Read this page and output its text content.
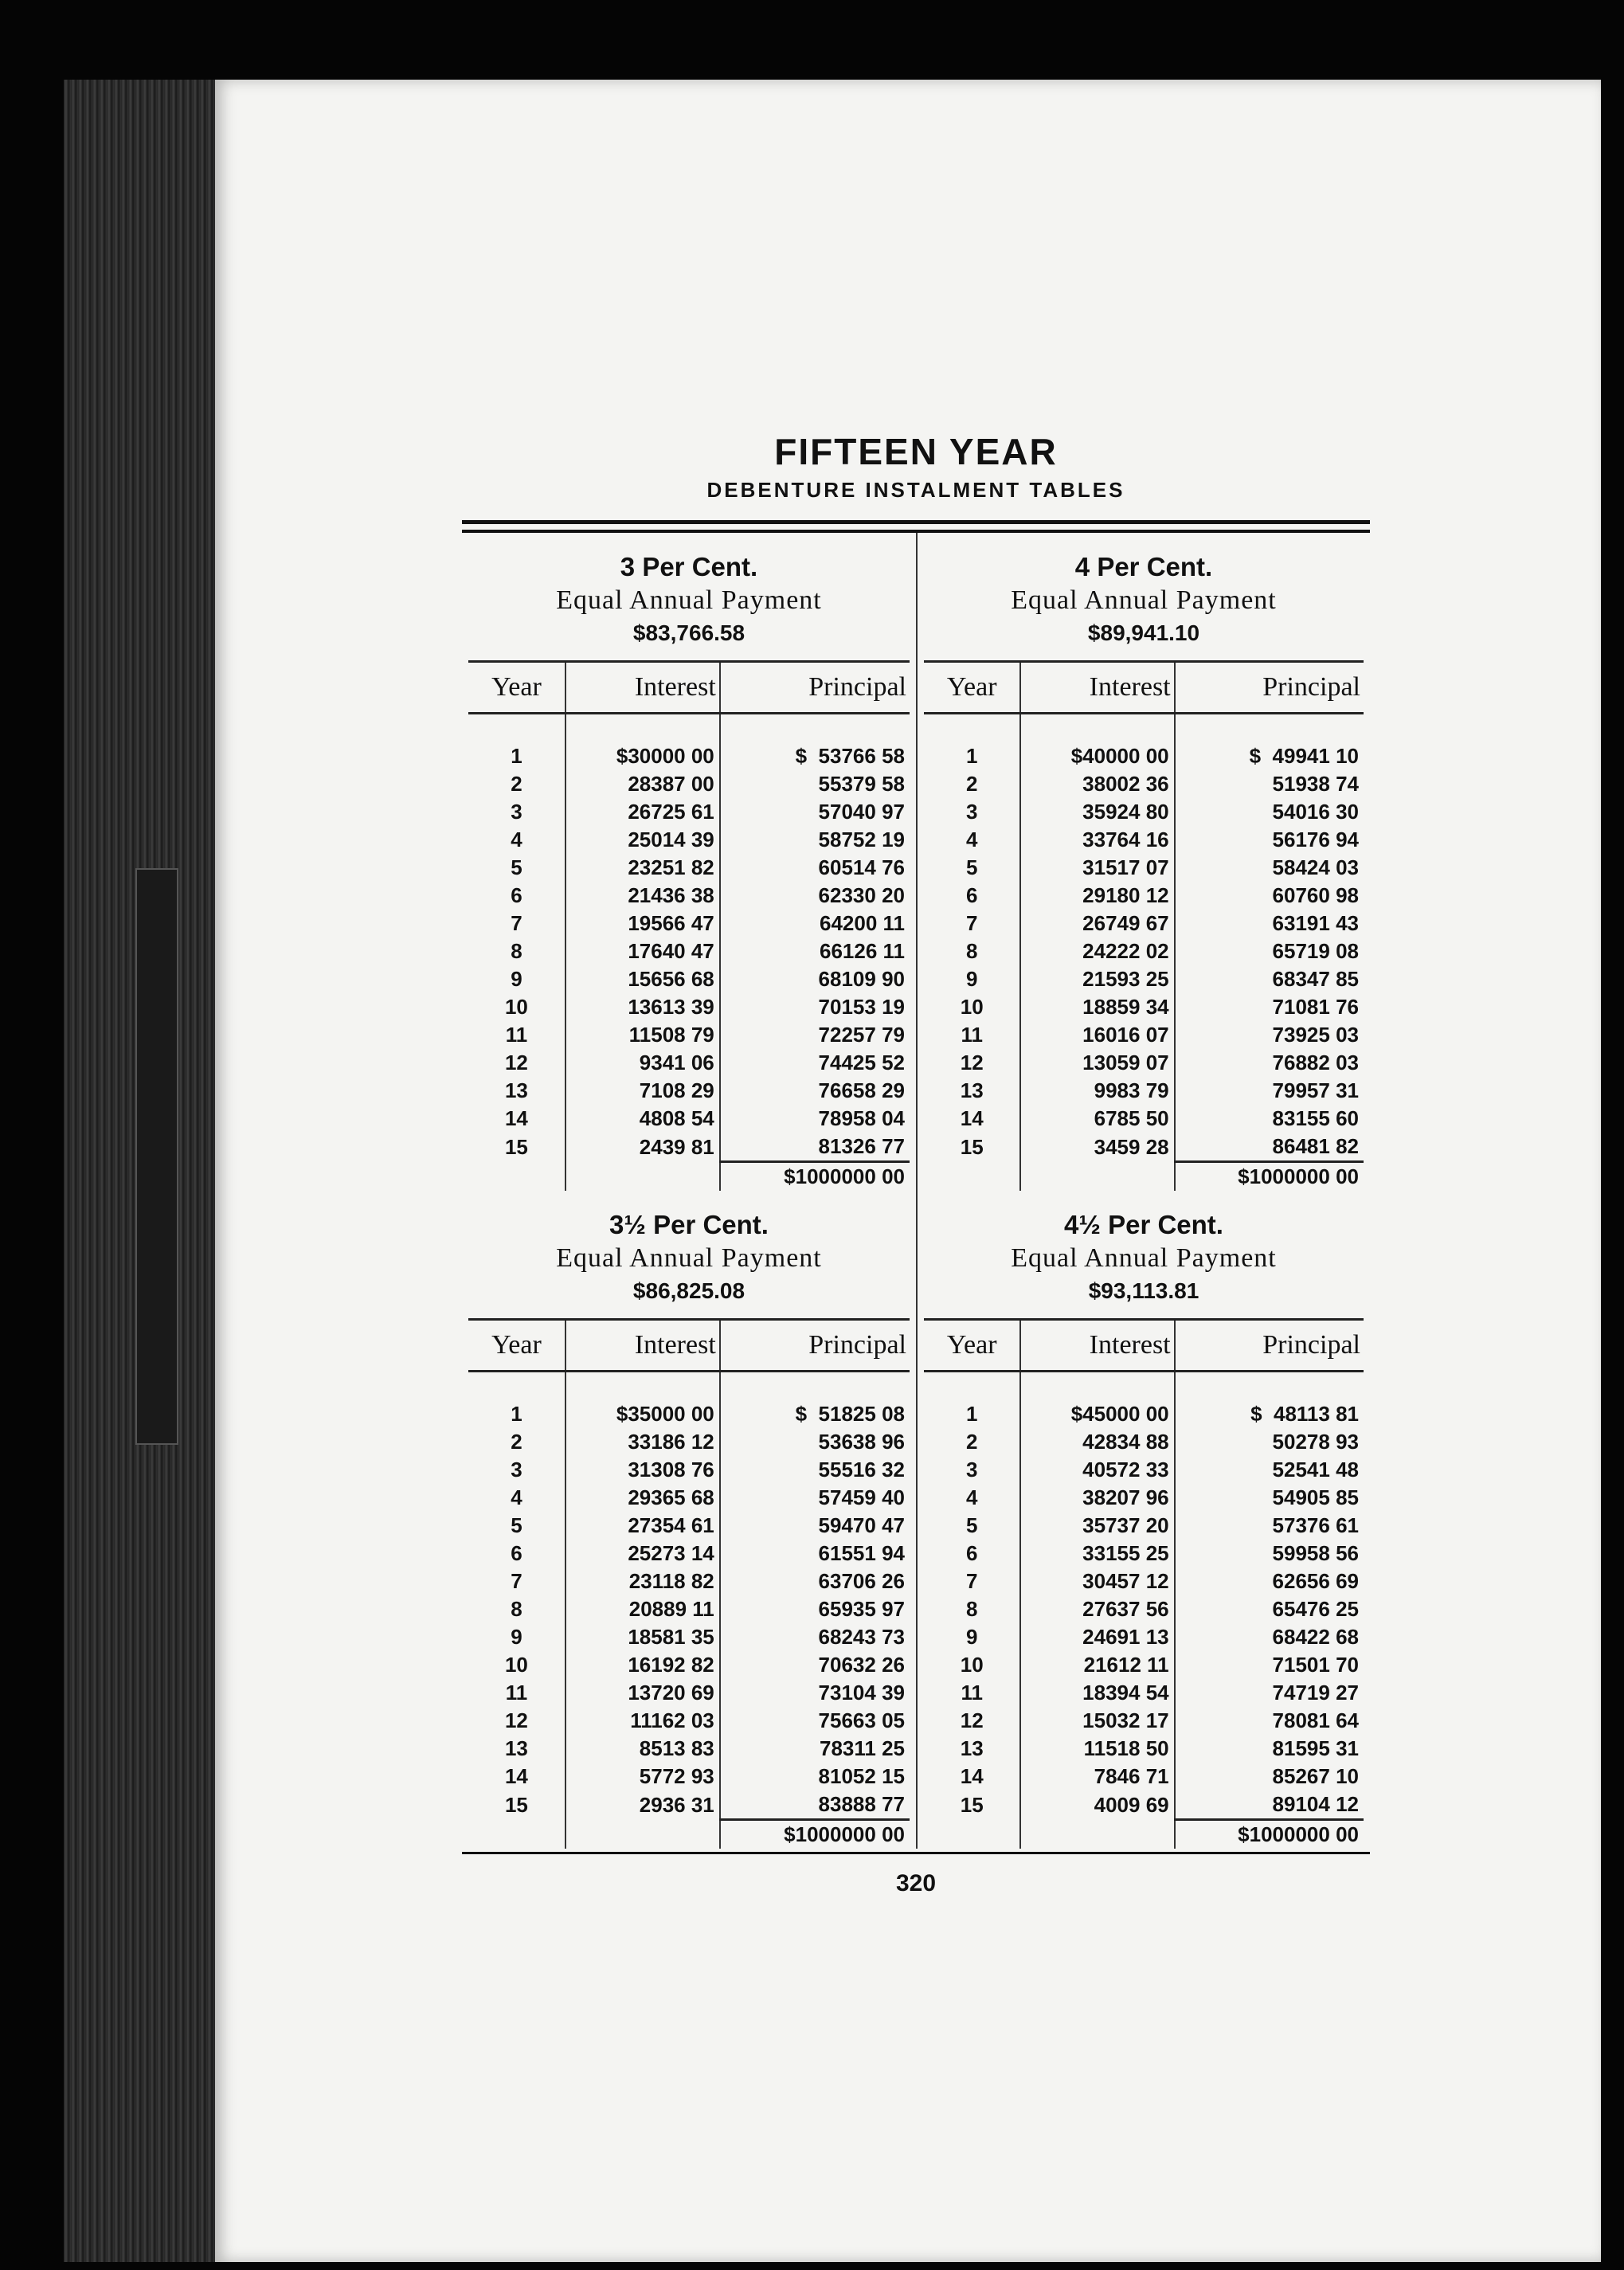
FIFTEEN YEAR
DEBENTURE INSTALMENT TABLES
3 Per Cent.
Equal Annual Payment
$83,766.58
Year	Interest	Principal

1	$30000 00	$  53766 58
2	28387 00	55379 58
3	26725 61	57040 97
4	25014 39	58752 19
5	23251 82	60514 76
6	21436 38	62330 20
7	19566 47	64200 11
8	17640 47	66126 11
9	15656 68	68109 90
10	13613 39	70153 19
11	11508 79	72257 79
12	9341 06	74425 52
13	7108 29	76658 29
14	4808 54	78958 04
15	2439 81	81326 77
		$1000000 00
4 Per Cent.
Equal Annual Payment
$89,941.10
Year	Interest	Principal

1	$40000 00	$  49941 10
2	38002 36	51938 74
3	35924 80	54016 30
4	33764 16	56176 94
5	31517 07	58424 03
6	29180 12	60760 98
7	26749 67	63191 43
8	24222 02	65719 08
9	21593 25	68347 85
10	18859 34	71081 76
11	16016 07	73925 03
12	13059 07	76882 03
13	9983 79	79957 31
14	6785 50	83155 60
15	3459 28	86481 82
		$1000000 00
3½ Per Cent.
Equal Annual Payment
$86,825.08
Year	Interest	Principal

1	$35000 00	$  51825 08
2	33186 12	53638 96
3	31308 76	55516 32
4	29365 68	57459 40
5	27354 61	59470 47
6	25273 14	61551 94
7	23118 82	63706 26
8	20889 11	65935 97
9	18581 35	68243 73
10	16192 82	70632 26
11	13720 69	73104 39
12	11162 03	75663 05
13	8513 83	78311 25
14	5772 93	81052 15
15	2936 31	83888 77
		$1000000 00
4½ Per Cent.
Equal Annual Payment
$93,113.81
Year	Interest	Principal

1	$45000 00	$  48113 81
2	42834 88	50278 93
3	40572 33	52541 48
4	38207 96	54905 85
5	35737 20	57376 61
6	33155 25	59958 56
7	30457 12	62656 69
8	27637 56	65476 25
9	24691 13	68422 68
10	21612 11	71501 70
11	18394 54	74719 27
12	15032 17	78081 64
13	11518 50	81595 31
14	7846 71	85267 10
15	4009 69	89104 12
		$1000000 00
320
